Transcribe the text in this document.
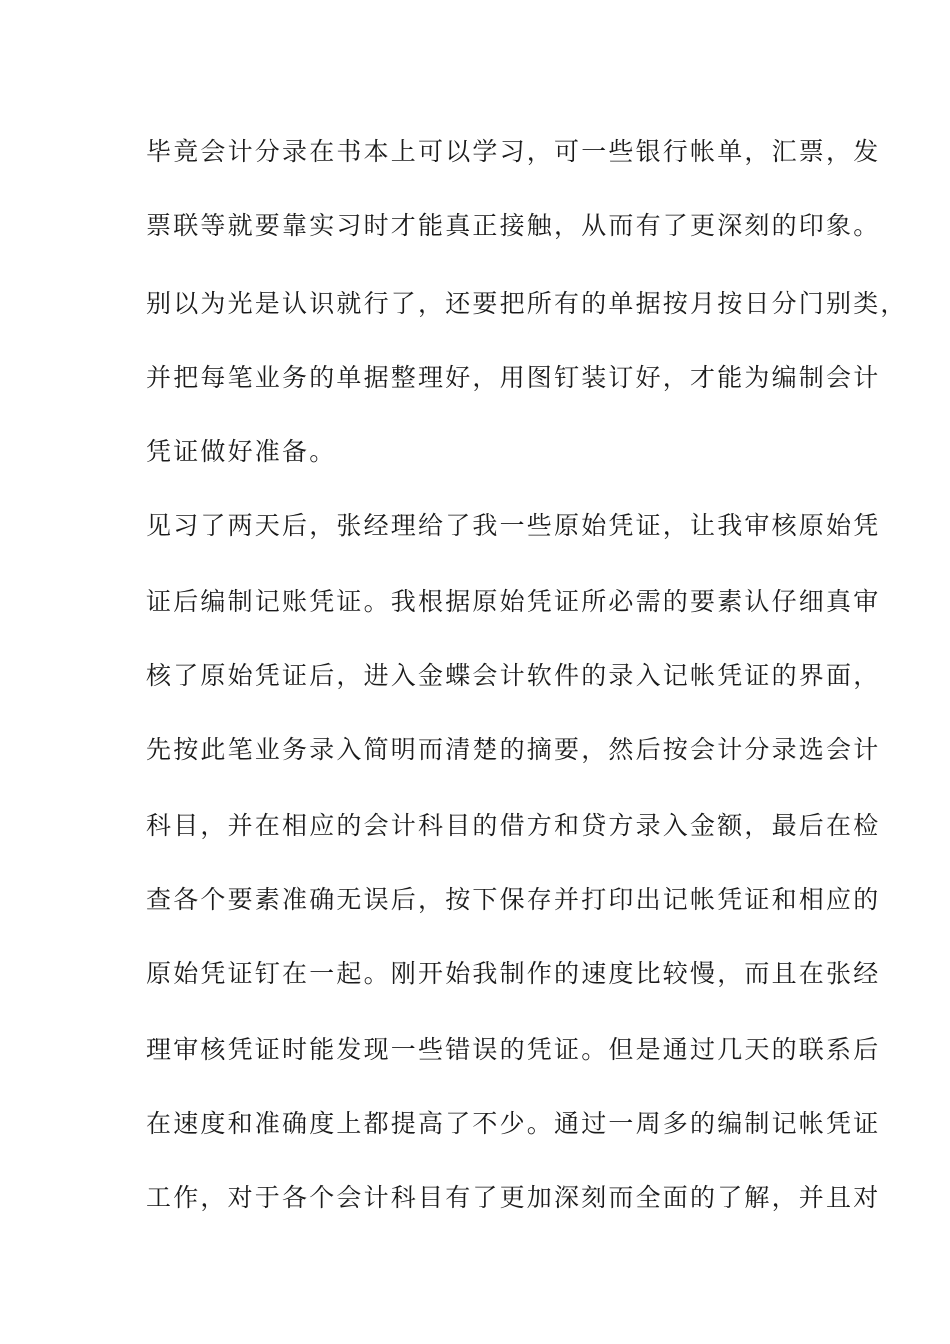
毕竟会计分录在书本上可以学习，可一些银行帐单，汇票，发
票联等就要靠实习时才能真正接触，从而有了更深刻的印象。
别以为光是认识就行了，还要把所有的单据按月按日分门别类，
并把每笔业务的单据整理好，用图钉装订好，才能为编制会计
凭证做好准备。
见习了两天后，张经理给了我一些原始凭证，让我审核原始凭
证后编制记账凭证。我根据原始凭证所必需的要素认仔细真审
核了原始凭证后，进入金蝶会计软件的录入记帐凭证的界面，
先按此笔业务录入简明而清楚的摘要，然后按会计分录选会计
科目，并在相应的会计科目的借方和贷方录入金额，最后在检
查各个要素准确无误后，按下保存并打印出记帐凭证和相应的
原始凭证钉在一起。刚开始我制作的速度比较慢，而且在张经
理审核凭证时能发现一些错误的凭证。但是通过几天的联系后
在速度和准确度上都提高了不少。通过一周多的编制记帐凭证
工作，对于各个会计科目有了更加深刻而全面的了解，并且对
